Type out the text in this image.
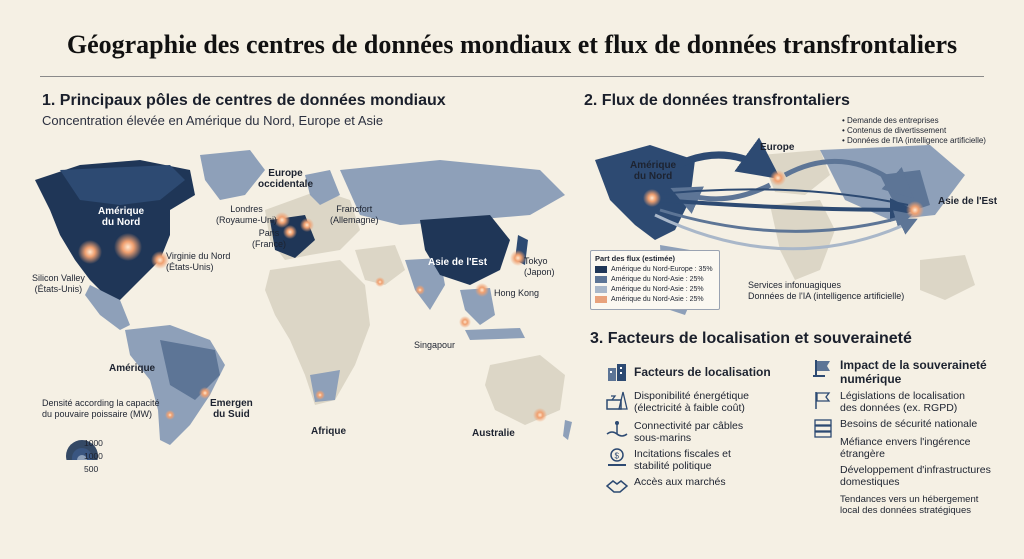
Géographie des centres de données mondiaux et flux de données transfrontaliers
1. Principaux pôles de centres de données mondiaux
Concentration élevée en Amérique du Nord, Europe et Asie
Amérique
du Nord
Europe
occidentale
Londres
(Royaume-Uni)
Paris
(France)
Francfort
(Allemagne)
Virginie du Nord
(États-Unis)
Silicon Valley
(États-Unis)
Asie de l'Est	Tokyo
(Japon)
Hong Kong
Singapour
Amérique
Emergen
du Suid
Afrique	Australie
Densité according la capacité du pouvaire poissaire (MW)
1000
1000
500
2. Flux de données transfrontaliers
Amérique
du Nord
Europe
Asie de l'Est
• Demande des entreprises
• Contenus de divertissement
• Données de l'IA (intelligence artificielle)
Services infonuagiques
Données de l'IA (intelligence artificielle)
Part des flux (estimée)
Amérique du Nord-Europe : 35%
Amérique du Nord-Asie : 25%
Amérique du Nord-Asie : 25%
Amérique du Nord-Asie : 25%
3. Facteurs de localisation et souveraineté
Facteurs de localisation
Disponibilité énergétique
(électricité à faible coût)
Connectivité par câbles
sous-marins
$ Incitations fiscales et
stabilité politique
Accès aux marchés
Impact de la souveraineté
numérique
Législations de localisation
des données (ex. RGPD)
Besoins de sécurité nationale
Méfiance envers l'ingérence
étrangère
Développement d'infrastructures
domestiques
Tendances vers un hébergement
local des données stratégiques
